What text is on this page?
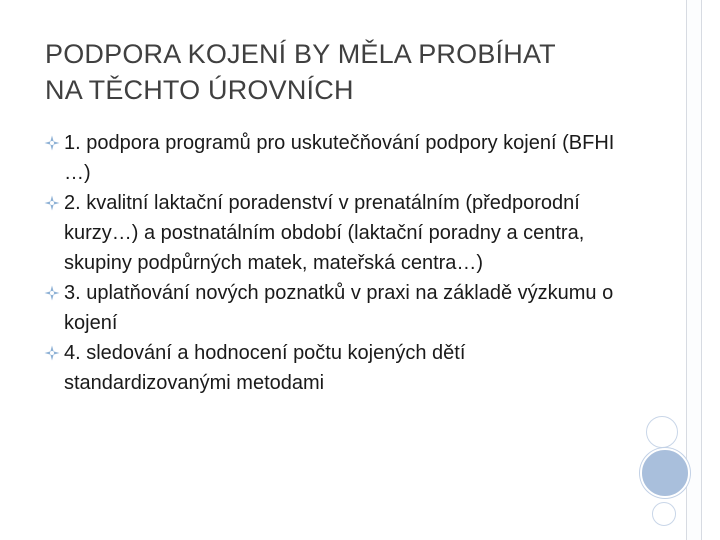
PODPORA KOJENÍ BY MĚLA PROBÍHAT
NA TĚCHTO ÚROVNÍCH
1. podpora programů pro uskutečňování podpory kojení (BFHI …)
2. kvalitní laktační poradenství v prenatálním (předporodní kurzy…) a postnatálním období (laktační poradny a centra, skupiny podpůrných matek, mateřská centra…)
3. uplatňování nových poznatků v praxi na základě výzkumu o kojení
4. sledování a hodnocení počtu kojených dětí standardizovanými metodami
